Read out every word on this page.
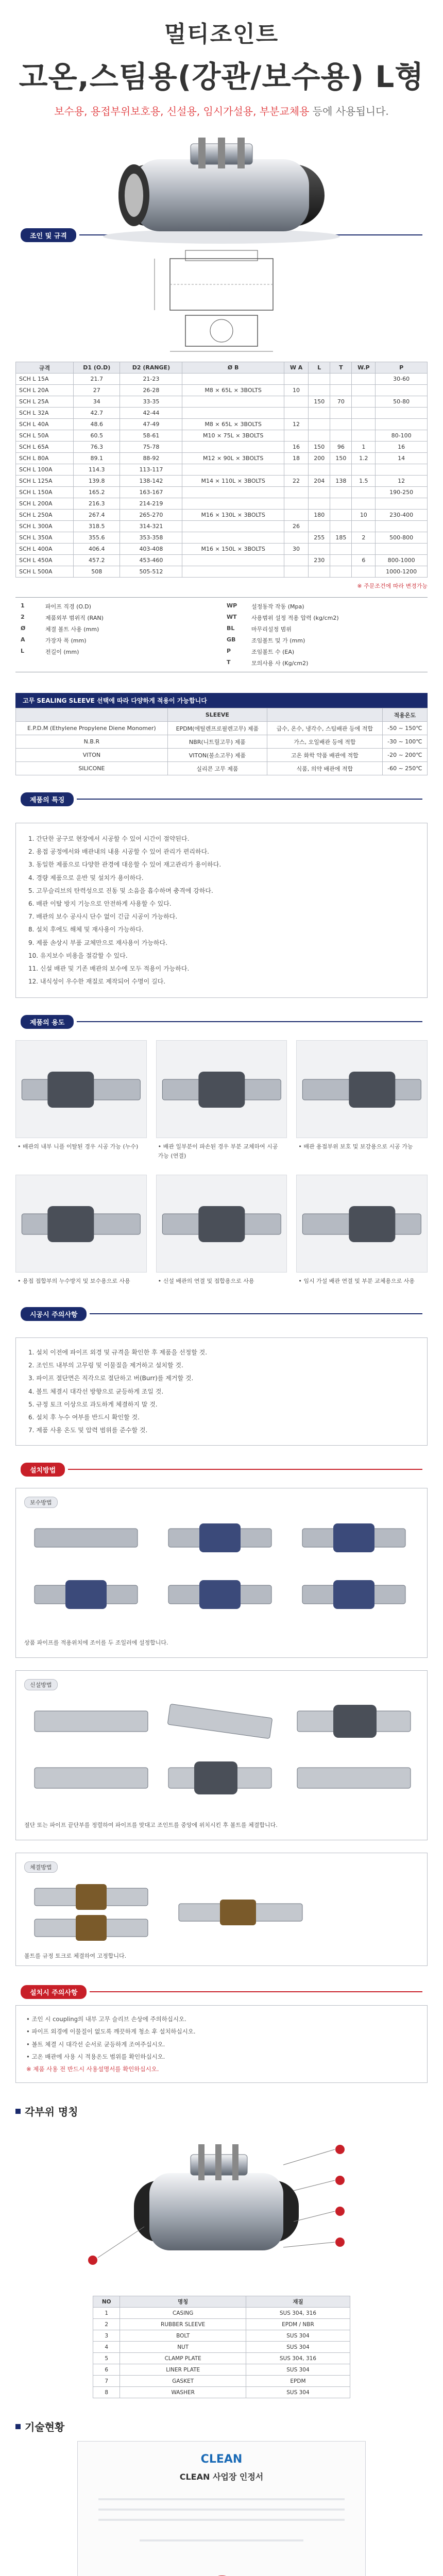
멀티조인트
고온,스팀용(강관/보수용) L형
보수용, 용접부위보호용, 신설용, 임시가설용, 부분교체용 등에 사용됩니다.
조인 및 규격
규격	D1 (O.D)	D2 (RANGE)	Ø B	W A	L	T	W.P	P
SCH L 15A	21.7	21-23						30-60
SCH L 20A	27	26-28	M8 × 65L × 3BOLTS	10				
SCH L 25A	34	33-35			150	70		50-80
SCH L 32A	42.7	42-44						
SCH L 40A	48.6	47-49	M8 × 65L × 3BOLTS	12				
SCH L 50A	60.5	58-61	M10 × 75L × 3BOLTS					80-100
SCH L 65A	76.3	75-78		16	150	96	1	16
SCH L 80A	89.1	88-92	M12 × 90L × 3BOLTS	18	200	150	1.2	14
SCH L 100A	114.3	113-117						
SCH L 125A	139.8	138-142	M14 × 110L × 3BOLTS	22	204	138	1.5	12
SCH L 150A	165.2	163-167						190-250
SCH L 200A	216.3	214-219						
SCH L 250A	267.4	265-270	M16 × 130L × 3BOLTS		180		10	230-400
SCH L 300A	318.5	314-321		26				
SCH L 350A	355.6	353-358			255	185	2	500-800
SCH L 400A	406.4	403-408	M16 × 150L × 3BOLTS	30				
SCH L 450A	457.2	453-460			230		6	800-1000
SCH L 500A	508	505-512						1000-1200
※ 주문조건에 따라 변경가능
1	파이프 직경 (O.D)	WP	설정동작 작동 (Mpa)
2	제품외부 범위직 (RAN)	WT	사용범위 설정 적용 압력 (kg/cm2)
Ø	체결 볼트 사용 (mm)	BL	마무리설정 범위
A	가장자 폭 (mm)	GB	조임볼트 및 가 (mm)
L	전길이 (mm)	P	조임볼트 수 (EA)
T	모의사용 사 (Kg/cm2)
고무 SEALING SLEEVE 선택에 따라 다양하게 적용이 가능합니다
	SLEEVE		적용온도
E.P.D.M (Ethylene Propylene Diene Monomer)	EPDM(에틸렌프로필렌고무) 제품	급수, 온수, 냉각수, 스팀배관 등에 적합	-50 ~ 150℃
N.B.R	NBR(니트릴고무) 제품	가스, 오일배관 등에 적합	-30 ~ 100℃
VITON	VITON(불소고무) 제품	고온 화학 약품 배관에 적합	-20 ~ 200℃
SILICONE	실리콘 고무 제품	식품, 의약 배관에 적합	-60 ~ 250℃
제품의 특징
1. 간단한 공구로 현장에서 시공할 수 있어 시간이 절약된다.
2. 용접 공정에서와 배관내의 내용 시공할 수 있어 관리가 편리하다.
3. 동일한 제품으로 다양한 관경에 대응할 수 있어 재고관리가 용이하다.
4. 경량 제품으로 운반 및 설치가 용이하다.
5. 고무슬리브의 탄력성으로 진동 및 소음을 흡수하며 충격에 강하다.
6. 배관 이탈 방지 기능으로 안전하게 사용할 수 있다.
7. 배관의 보수 공사시 단수 없이 긴급 시공이 가능하다.
8. 설치 후에도 해체 및 재사용이 가능하다.
9. 제품 손상시 부품 교체만으로 재사용이 가능하다.
10. 유지보수 비용을 절감할 수 있다.
11. 신설 배관 및 기존 배관의 보수에 모두 적용이 가능하다.
12. 내식성이 우수한 재질로 제작되어 수명이 길다.
제품의 용도
• 배관의 내부 니플 이탈된 경우 시공 가능 (누수)	• 배관 일부분이 파손된 경우 부분 교체하여 시공 가능 (연결)
• 배관 용접부위 보호 및 보강용으로 시공 가능
• 용접 접합부의 누수방지 및 보수용으로 사용	• 신설 배관의 연결 및 접합용으로 사용	• 임시 가설 배관 연결 및 부분 교체용으로 사용
시공시 주의사항
1. 설치 이전에 파이프 외경 및 규격을 확인한 후 제품을 선정할 것.
2. 조인트 내부의 고무링 및 이물질을 제거하고 설치할 것.
3. 파이프 절단면은 직각으로 절단하고 버(Burr)를 제거할 것.
4. 볼트 체결시 대각선 방향으로 균등하게 조일 것.
5. 규정 토크 이상으로 과도하게 체결하지 말 것.
6. 설치 후 누수 여부를 반드시 확인할 것.
7. 제품 사용 온도 및 압력 범위를 준수할 것.
설치방법
보수방법
상품 파이프를 적용위치에 조이를 두 조일러에 설정합니다.
신설방법
절단 또는 파이프 끝단부를 정렬하여 파이프를 맞대고 조인트를 중앙에 위치시킨 후 볼트를 체결합니다.
체결방법
볼트를 규정 토크로 체결하여 고정합니다.
설치시 주의사항
• 조인 시 coupling의 내부 고무 슬리브 손상에 주의하십시오.
• 파이프 외경에 이물질이 없도록 깨끗하게 청소 후 설치하십시오.
• 볼트 체결 시 대각선 순서로 균등하게 조여주십시오.
• 고온 배관에 사용 시 적용온도 범위를 확인하십시오.
※ 제품 사용 전 반드시 사용설명서를 확인하십시오.
각부위 명칭
NO	명칭	재질
1	CASING	SUS 304, 316
2	RUBBER SLEEVE	EPDM / NBR
3	BOLT	SUS 304
4	NUT	SUS 304
5	CLAMP PLATE	SUS 304, 316
6	LINER PLATE	SUS 304
7	GASKET	EPDM
8	WASHER	SUS 304
기술현황
CLEAN
CLEAN 사업장 인정서
